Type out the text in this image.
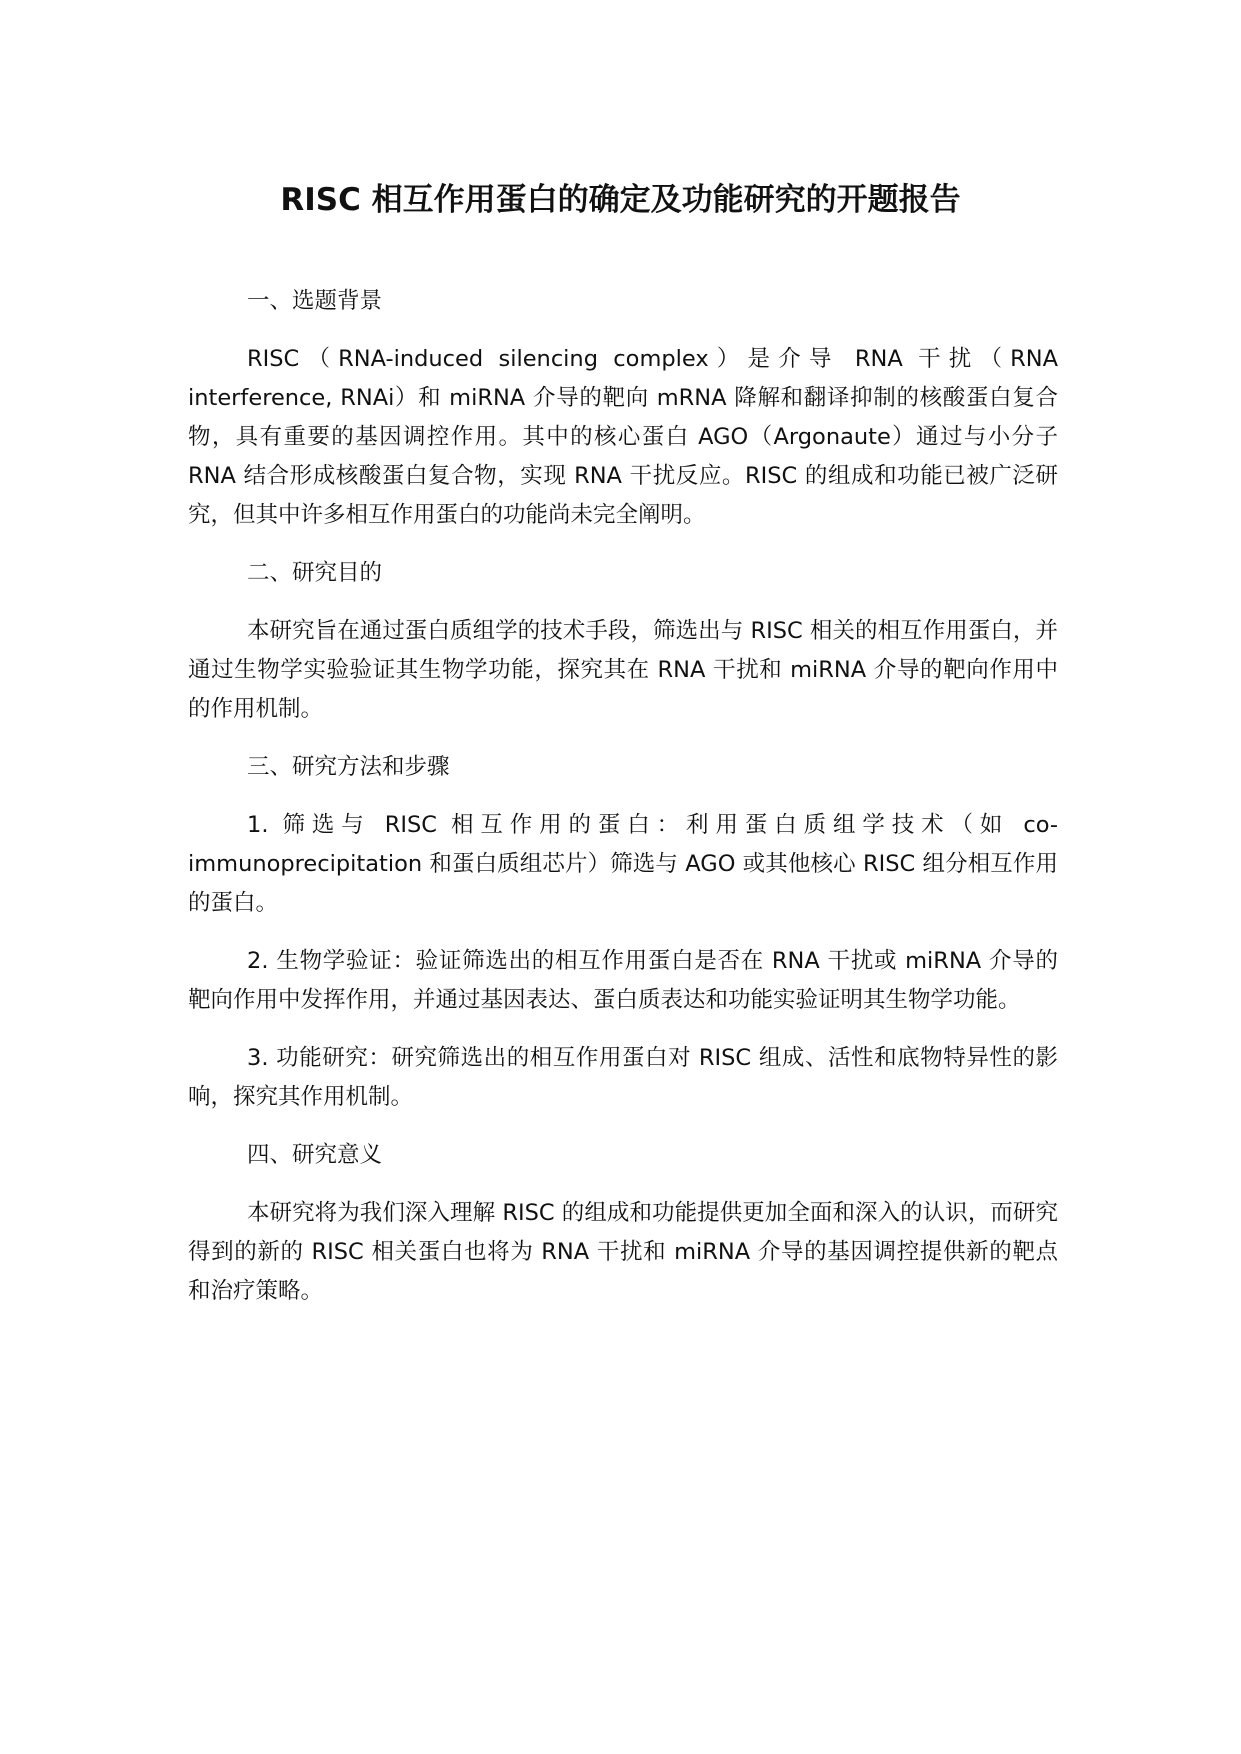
RISC 相互作用蛋白的确定及功能研究的开题报告

一、选题背景

RISC（RNA-induced silencing complex）是介导 RNA 干扰（RNA interference, RNAi）和 miRNA 介导的靶向 mRNA 降解和翻译抑制的核酸蛋白复合物，具有重要的基因调控作用。其中的核心蛋白 AGO（Argonaute）通过与小分子 RNA 结合形成核酸蛋白复合物，实现 RNA 干扰反应。RISC 的组成和功能已被广泛研究，但其中许多相互作用蛋白的功能尚未完全阐明。

二、研究目的

本研究旨在通过蛋白质组学的技术手段，筛选出与 RISC 相关的相互作用蛋白，并通过生物学实验验证其生物学功能，探究其在 RNA 干扰和 miRNA 介导的靶向作用中的作用机制。

三、研究方法和步骤

1. 筛选与 RISC 相互作用的蛋白：利用蛋白质组学技术（如 co-immunoprecipitation 和蛋白质组芯片）筛选与 AGO 或其他核心 RISC 组分相互作用的蛋白。

2. 生物学验证：验证筛选出的相互作用蛋白是否在 RNA 干扰或 miRNA 介导的靶向作用中发挥作用，并通过基因表达、蛋白质表达和功能实验证明其生物学功能。

3. 功能研究：研究筛选出的相互作用蛋白对 RISC 组成、活性和底物特异性的影响，探究其作用机制。

四、研究意义

本研究将为我们深入理解 RISC 的组成和功能提供更加全面和深入的认识，而研究得到的新的 RISC 相关蛋白也将为 RNA 干扰和 miRNA 介导的基因调控提供新的靶点和治疗策略。
